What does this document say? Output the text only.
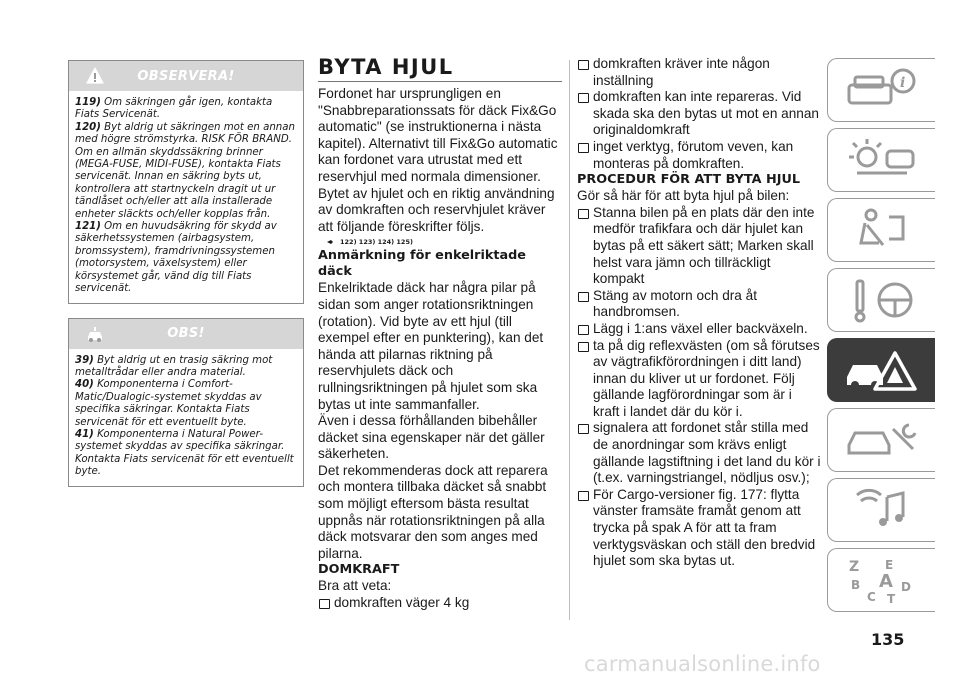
OBSERVERA!

119) Om säkringen går igen, kontakta Fiats Servicenät.

120) Byt aldrig ut säkringen mot en annan med högre strömstyrka. RISK FÖR BRAND. Om en allmän skyddssäkring brinner (MEGA-FUSE, MIDI-FUSE), kontakta Fiats servicenät. Innan en säkring byts ut, kontrollera att startnyckeln dragit ut ur tändlåset och/eller att alla installerade enheter släckts och/eller kopplas från.

121) Om en huvudsäkring för skydd av säkerhetssystemen (airbagsystem, bromssystem), framdrivningssystemen (motorsystem, växelsystem) eller körsystemet går, vänd dig till Fiats servicenät.

OBS!

39) Byt aldrig ut en trasig säkring mot metalltrådar eller andra material.

40) Komponenterna i Comfort-Matic/Dualogic-systemet skyddas av specifika säkringar. Kontakta Fiats servicenät för ett eventuellt byte.

41) Komponenterna i Natural Power-systemet skyddas av specifika säkringar. Kontakta Fiats servicenät för ett eventuellt byte.

BYTA HJUL

Fordonet har ursprungligen en "Snabbreparationssats för däck Fix&Go automatic" (se instruktionerna i nästa kapitel). Alternativt till Fix&Go automatic kan fordonet vara utrustat med ett reservhjul med normala dimensioner.

Bytet av hjulet och en riktig användning av domkraften och reservhjulet kräver att följande föreskrifter följs.

122) 123) 124) 125)

Anmärkning för enkelriktade däck

Enkelriktade däck har några pilar på sidan som anger rotationsriktningen (rotation). Vid byte av ett hjul (till exempel efter en punktering), kan det hända att pilarnas riktning på reservhjulets däck och rullningsriktningen på hjulet som ska bytas ut inte sammanfaller.

Även i dessa förhållanden bibehåller däcket sina egenskaper när det gäller säkerheten.

Det rekommenderas dock att reparera och montera tillbaka däcket så snabbt som möjligt eftersom bästa resultat uppnås när rotationsriktningen på alla däck motsvarar den som anges med pilarna.

DOMKRAFT

Bra att veta:

domkraften väger 4 kg
domkraften kräver inte någon inställning
domkraften kan inte repareras. Vid skada ska den bytas ut mot en annan originaldomkraft
inget verktyg, förutom veven, kan monteras på domkraften.

PROCEDUR FÖR ATT BYTA HJUL

Gör så här för att byta hjul på bilen:

Stanna bilen på en plats där den inte medför trafikfara och där hjulet kan bytas på ett säkert sätt; Marken skall helst vara jämn och tillräckligt kompakt
Stäng av motorn och dra åt handbromsen.
Lägg i 1:ans växel eller backväxeln.
ta på dig reflexvästen (om så förutses av vägtrafikförordningen i ditt land) innan du kliver ut ur fordonet. Följ gällande lagförordningar som är i kraft i landet där du kör i.
signalera att fordonet står stilla med de anordningar som krävs enligt gällande lagstiftning i det land du kör i (t.ex. varningstriangel, nödljus osv.);
För Cargo-versioner fig. 177: flytta vänster framsäte framåt genom att trycka på spak A för att ta fram verktygsväskan och ställ den bredvid hjulet som ska bytas ut.
i
Z E
B A D
C T
135
carmanualsonline.info
